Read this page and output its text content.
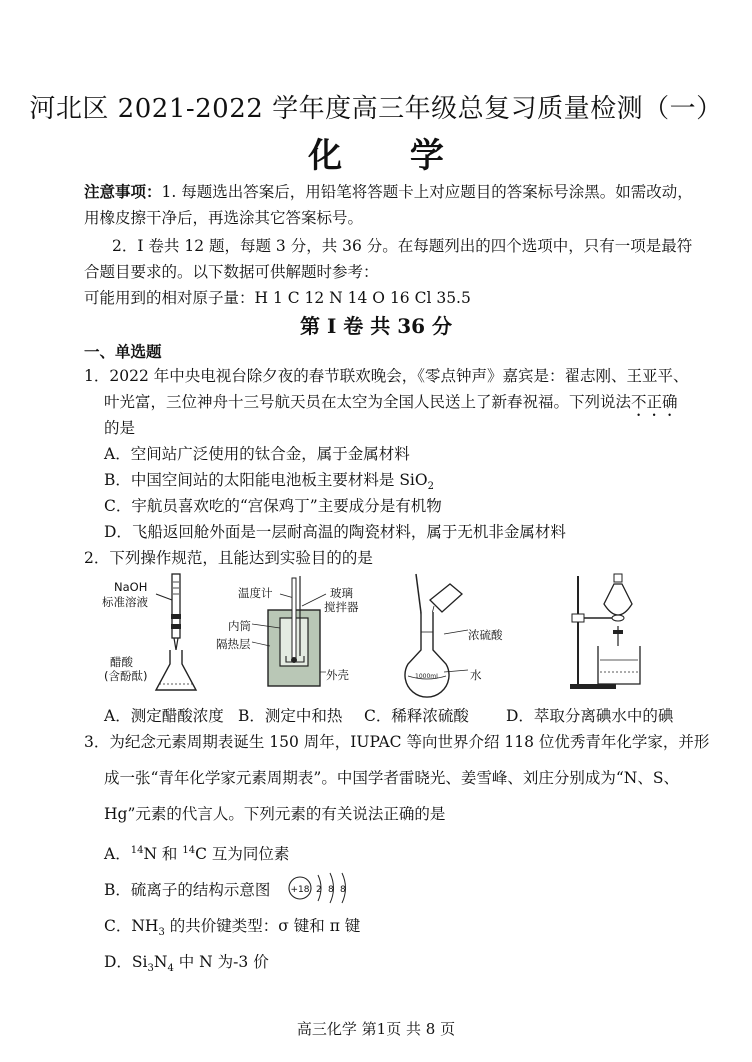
河北区 2021-2022 学年度高三年级总复习质量检测（一）
化 学
注意事项：1. 每题选出答案后，用铅笔将答题卡上对应题目的答案标号涂黑。如需改动，
用橡皮擦干净后，再选涂其它答案标号。
2．I 卷共 12 题，每题 3 分，共 36 分。在每题列出的四个选项中，只有一项是最符
合题目要求的。以下数据可供解题时参考：
可能用到的相对原子量：H 1 C 12 N 14 O 16 Cl 35.5
第 I 卷 共 36 分
一、单选题
1．2022 年中央电视台除夕夜的春节联欢晚会，《零点钟声》嘉宾是：翟志刚、王亚平、
叶光富，三位神舟十三号航天员在太空为全国人民送上了新春祝福。下列说法不正确
的是
A．空间站广泛使用的钛合金，属于金属材料
B．中国空间站的太阳能电池板主要材料是 SiO$_2$
C．宇航员喜欢吃的“宫保鸡丁”主要成分是有机物
D．飞船返回舱外面是一层耐高温的陶瓷材料，属于无机非金属材料
2．下列操作规范，且能达到实验目的的是
NaOH
标准溶液
醋酸
(含酚酞)
温度计	玻璃
搅拌器
内筒
隔热层
外壳
浓硫酸
水
1000mL
A．测定醋酸浓度 B．测定中和热 C．稀释浓硫酸 D．萃取分离碘水中的碘
3．为纪念元素周期表诞生 150 周年，IUPAC 等向世界介绍 118 位优秀青年化学家，并形
成一张“青年化学家元素周期表”。中国学者雷晓光、姜雪峰、刘庄分别成为“N、S、
Hg”元素的代言人。下列元素的有关说法正确的是
A．$^{14}$N 和 $^{14}$C 互为同位素
B．硫离子的结构示意图 +18 2 8 8
C．$NH_3$ 的共价键类型：σ 键和 π 键
D．$Si_3N_4$ 中 N 为-3 价
高三化学 第1页 共 8 页
